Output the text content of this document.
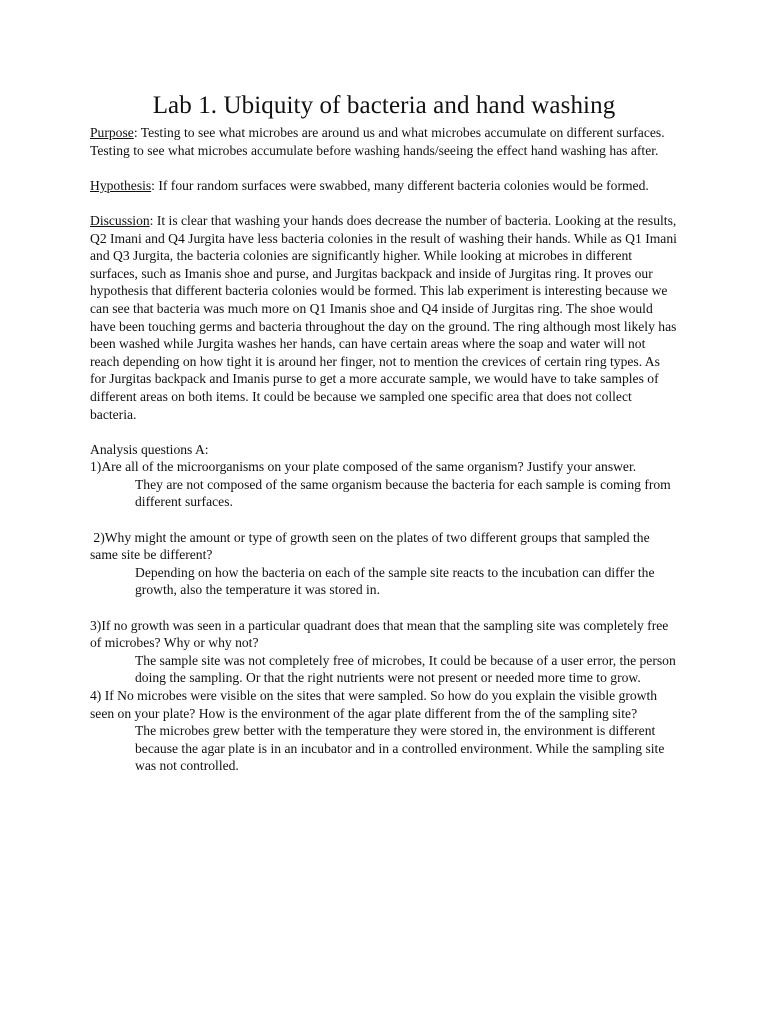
Lab 1. Ubiquity of bacteria and hand washing

Purpose: Testing to see what microbes are around us and what microbes accumulate on different surfaces. Testing to see what microbes accumulate before washing hands/seeing the effect hand washing has after.

Hypothesis: If four random surfaces were swabbed, many different bacteria colonies would be formed.

Discussion: It is clear that washing your hands does decrease the number of bacteria. Looking at the results, Q2 Imani and Q4 Jurgita have less bacteria colonies in the result of washing their hands. While as Q1 Imani and Q3 Jurgita, the bacteria colonies are significantly higher. While looking at microbes in different surfaces, such as Imanis shoe and purse, and Jurgitas backpack and inside of Jurgitas ring. It proves our hypothesis that different bacteria colonies would be formed. This lab experiment is interesting because we can see that bacteria was much more on Q1 Imanis shoe and Q4 inside of Jurgitas ring. The shoe would have been touching germs and bacteria throughout the day on the ground. The ring although most likely has been washed while Jurgita washes her hands, can have certain areas where the soap and water will not reach depending on how tight it is around her finger, not to mention the crevices of certain ring types. As for Jurgitas backpack and Imanis purse to get a more accurate sample, we would have to take samples of different areas on both items. It could be because we sampled one specific area that does not collect bacteria.

Analysis questions A:

1)Are all of the microorganisms on your plate composed of the same organism? Justify your answer.

They are not composed of the same organism because the bacteria for each sample is coming from different surfaces.

2)Why might the amount or type of growth seen on the plates of two different groups that sampled the same site be different?

Depending on how the bacteria on each of the sample site reacts to the incubation can differ the growth, also the temperature it was stored in.

3)If no growth was seen in a particular quadrant does that mean that the sampling site was completely free of microbes? Why or why not?

The sample site was not completely free of microbes, It could be because of a user error, the person doing the sampling. Or that the right nutrients were not present or needed more time to grow.

4) If No microbes were visible on the sites that were sampled. So how do you explain the visible growth seen on your plate? How is the environment of the agar plate different from the of the sampling site?

The microbes grew better with the temperature they were stored in, the environment is different because the agar plate is in an incubator and in a controlled environment. While the sampling site was not controlled.
